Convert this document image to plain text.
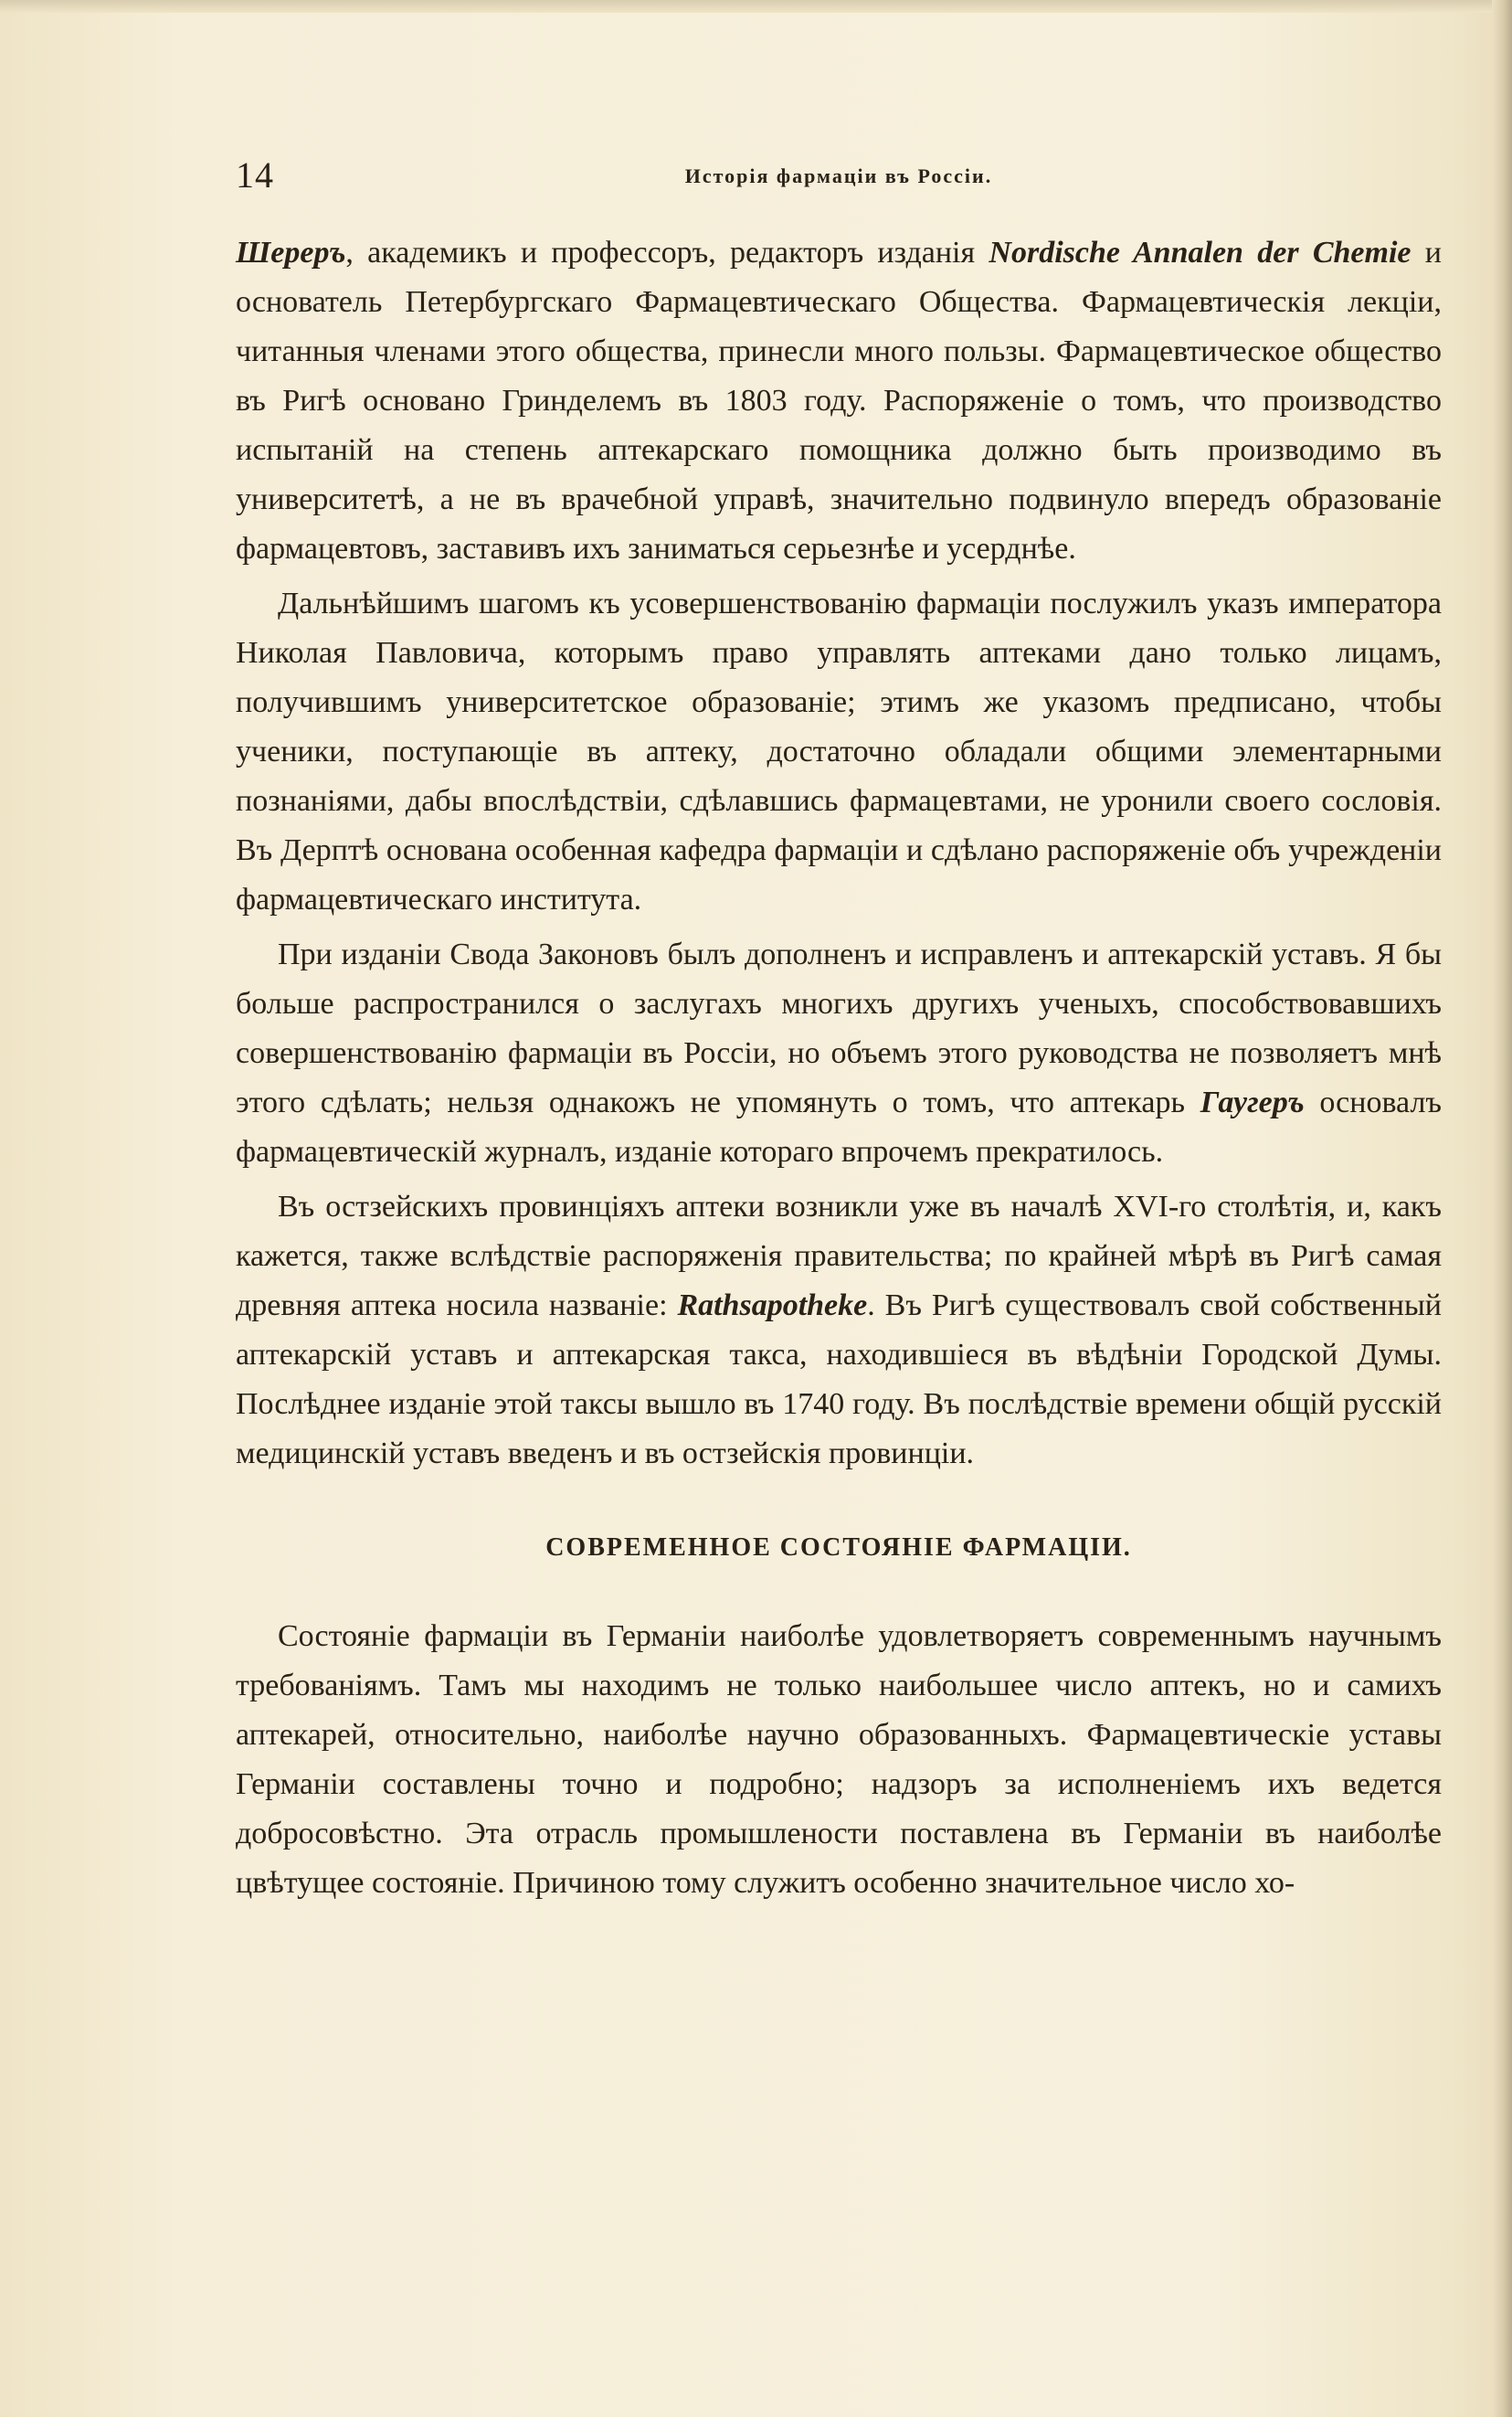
14	Исторія фармаціи въ Россіи.

Шереръ, академикъ и профессоръ, редакторъ изданія Nordische Annalen der Chemie и основатель Петербургскаго Фармацевтическаго Общества. Фармацевтическія лекціи, читанныя членами этого общества, принесли много пользы. Фармацевтическое общество въ Ригѣ основано Гринделемъ въ 1803 году. Распоряженіе о томъ, что производство испытаній на степень аптекарскаго помощника должно быть производимо въ университетѣ, а не въ врачебной управѣ, значительно подвинуло впередъ образованіе фармацевтовъ, заставивъ ихъ заниматься серьезнѣе и усерднѣе.

Дальнѣйшимъ шагомъ къ усовершенствованію фармаціи послужилъ указъ императора Николая Павловича, которымъ право управлять аптеками дано только лицамъ, получившимъ университетское образованіе; этимъ же указомъ предписано, чтобы ученики, поступающіе въ аптеку, достаточно обладали общими элементарными познаніями, дабы впослѣдствіи, сдѣлавшись фармацевтами, не уронили своего сословія. Въ Дерптѣ основана особенная кафедра фармаціи и сдѣлано распоряженіе объ учрежденіи фармацевтическаго института.

При изданіи Свода Законовъ былъ дополненъ и исправленъ и аптекарскій уставъ. Я бы больше распространился о заслугахъ многихъ другихъ ученыхъ, способствовавшихъ совершенствованію фармаціи въ Россіи, но объемъ этого руководства не позволяетъ мнѣ этого сдѣлать; нельзя однакожъ не упомянуть о томъ, что аптекарь Гаугеръ основалъ фармацевтическій журналъ, изданіе котораго впрочемъ прекратилось.

Въ остзейскихъ провинціяхъ аптеки возникли уже въ началѣ XVI-го столѣтія, и, какъ кажется, также вслѣдствіе распоряженія правительства; по крайней мѣрѣ въ Ригѣ самая древняя аптека носила названіе: Rathsapotheke. Въ Ригѣ существовалъ свой собственный аптекарскій уставъ и аптекарская такса, находившіеся въ вѣдѣніи Городской Думы. Послѣднее изданіе этой таксы вышло въ 1740 году. Въ послѣдствіе времени общій русскій медицинскій уставъ введенъ и въ остзейскія провинціи.

СОВРЕМЕННОЕ СОСТОЯНІЕ ФАРМАЦІИ.

Состояніе фармаціи въ Германіи наиболѣе удовлетворяетъ современнымъ научнымъ требованіямъ. Тамъ мы находимъ не только наибольшее число аптекъ, но и самихъ аптекарей, относительно, наиболѣе научно образованныхъ. Фармацевтическіе уставы Германіи составлены точно и подробно; надзоръ за исполненіемъ ихъ ведется добросовѣстно. Эта отрасль промышлености поставлена въ Германіи въ наиболѣе цвѣтущее состояніе. Причиною тому служитъ особенно значительное число хо-
